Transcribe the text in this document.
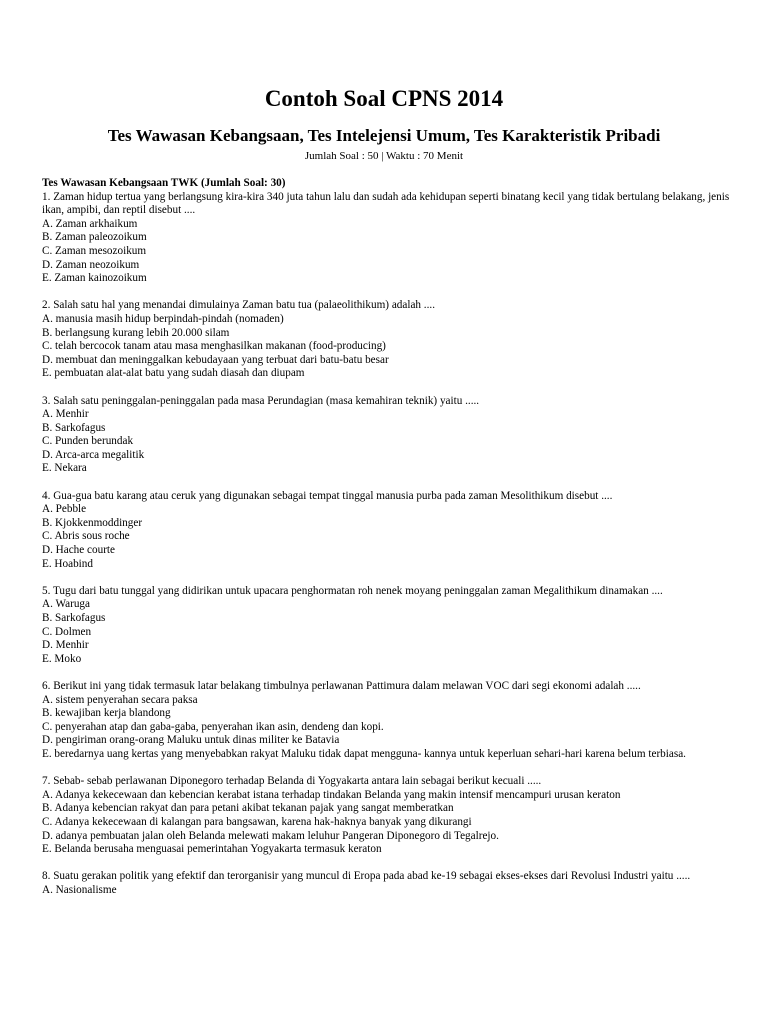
Contoh Soal CPNS 2014
Tes Wawasan Kebangsaan, Tes Intelejensi Umum, Tes Karakteristik Pribadi

Jumlah Soal : 50 | Waktu : 70 Menit

Tes Wawasan Kebangsaan TWK (Jumlah Soal: 30)

1. Zaman hidup tertua yang berlangsung kira-kira 340 juta tahun lalu dan sudah ada kehidupan seperti binatang kecil yang tidak bertulang belakang, jenis ikan, ampibi, dan reptil disebut ....

A. Zaman arkhaikum
B. Zaman paleozoikum
C. Zaman mesozoikum
D. Zaman neozoikum
E. Zaman kainozoikum

2. Salah satu hal yang menandai dimulainya Zaman batu tua (palaeolithikum) adalah ....

A. manusia masih hidup berpindah-pindah (nomaden)
B. berlangsung kurang lebih 20.000 silam
C. telah bercocok tanam atau masa menghasilkan makanan (food-producing)
D. membuat dan meninggalkan kebudayaan yang terbuat dari batu-batu besar
E. pembuatan alat-alat batu yang sudah diasah dan diupam

3. Salah satu peninggalan-peninggalan pada masa Perundagian (masa kemahiran teknik) yaitu .....

A. Menhir
B. Sarkofagus
C. Punden berundak
D. Arca-arca megalitik
E. Nekara

4. Gua-gua batu karang atau ceruk yang digunakan sebagai tempat tinggal manusia purba pada zaman Mesolithikum disebut ....

A. Pebble
B. Kjokkenmoddinger
C. Abris sous roche
D. Hache courte
E. Hoabind

5. Tugu dari batu tunggal yang didirikan untuk upacara penghormatan roh nenek moyang peninggalan zaman Megalithikum dinamakan ....

A. Waruga
B. Sarkofagus
C. Dolmen
D. Menhir
E. Moko

6. Berikut ini yang tidak termasuk latar belakang timbulnya perlawanan Pattimura dalam melawan VOC dari segi ekonomi adalah .....

A. sistem penyerahan secara paksa
B. kewajiban kerja blandong
C. penyerahan atap dan gaba-gaba, penyerahan ikan asin, dendeng dan kopi.
D. pengiriman orang-orang Maluku untuk dinas militer ke Batavia
E. beredarnya uang kertas yang menyebabkan rakyat Maluku tidak dapat mengguna- kannya untuk keperluan sehari-hari karena belum terbiasa.

7. Sebab- sebab perlawanan Diponegoro terhadap Belanda di Yogyakarta antara lain sebagai berikut kecuali .....

A. Adanya kekecewaan dan kebencian kerabat istana terhadap tindakan Belanda yang makin intensif mencampuri urusan keraton
B. Adanya kebencian rakyat dan para petani akibat tekanan pajak yang sangat memberatkan
C. Adanya kekecewaan di kalangan para bangsawan, karena hak-haknya banyak yang dikurangi
D. adanya pembuatan jalan oleh Belanda melewati makam leluhur Pangeran Diponegoro di Tegalrejo.
E. Belanda berusaha menguasai pemerintahan Yogyakarta termasuk keraton

8. Suatu gerakan politik yang efektif dan terorganisir yang muncul di Eropa pada abad ke-19 sebagai ekses-ekses dari Revolusi Industri yaitu .....

A. Nasionalisme
